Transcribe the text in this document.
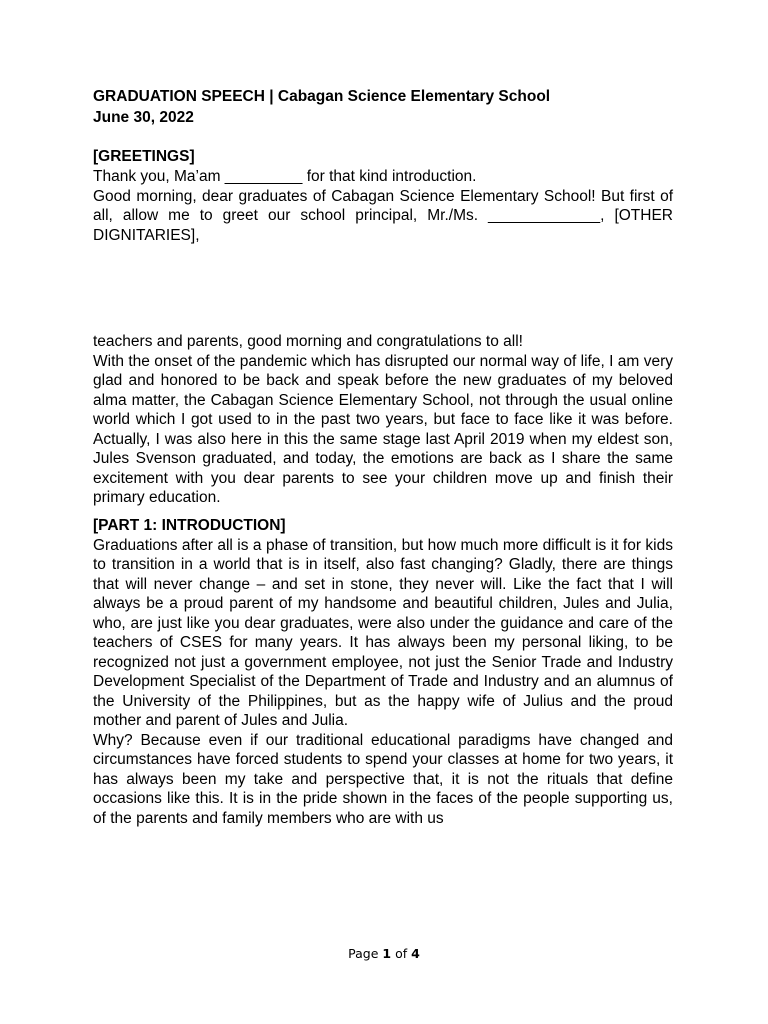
GRADUATION SPEECH | Cabagan Science Elementary School
June 30, 2022
[GREETINGS]

Thank you, Ma’am _________ for that kind introduction.

Good morning, dear graduates of Cabagan Science Elementary School! But first of all, allow me to greet our school principal, Mr./Ms. _____________, [OTHER DIGNITARIES],

teachers and parents, good morning and congratulations to all!

With the onset of the pandemic which has disrupted our normal way of life, I am very glad and honored to be back and speak before the new graduates of my beloved alma matter, the Cabagan Science Elementary School, not through the usual online world which I got used to in the past two years, but face to face like it was before. Actually, I was also here in this the same stage last April 2019 when my eldest son, Jules Svenson graduated, and today, the emotions are back as I share the same excitement with you dear parents to see your children move up and finish their primary education.

[PART 1: INTRODUCTION]

Graduations after all is a phase of transition, but how much more difficult is it for kids to transition in a world that is in itself, also fast changing? Gladly, there are things that will never change – and set in stone, they never will. Like the fact that I will always be a proud parent of my handsome and beautiful children, Jules and Julia, who, are just like you dear graduates, were also under the guidance and care of the teachers of CSES for many years. It has always been my personal liking, to be recognized not just a government employee, not just the Senior Trade and Industry Development Specialist of the Department of Trade and Industry and an alumnus of the University of the Philippines, but as the happy wife of Julius and the proud mother and parent of Jules and Julia.

Why? Because even if our traditional educational paradigms have changed and circumstances have forced students to spend your classes at home for two years, it has always been my take and perspective that, it is not the rituals that define occasions like this. It is in the pride shown in the faces of the people supporting us, of the parents and family members who are with us

Page 1 of 4
